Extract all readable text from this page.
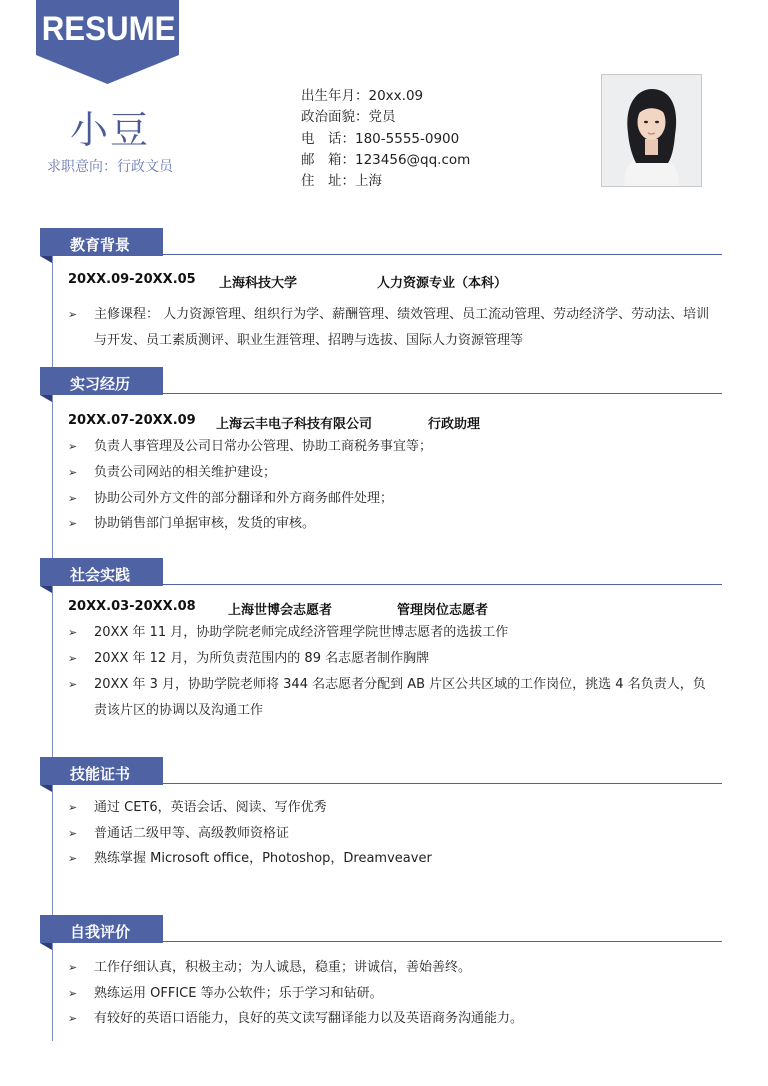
RESUME
小豆
求职意向：行政文员
出生年月：20xx.09
政治面貌：党员
电　话：180-5555-0900
邮　箱：123456@qq.com
住　址：上海
教育背景
20XX.09-20XX.05 上海科技大学	人力资源专业（本科）
➢	主修课程： 人力资源管理、组织行为学、薪酬管理、绩效管理、员工流动管理、劳动经济学、劳动法、培训与开发、员工素质测评、职业生涯管理、招聘与选拔、国际人力资源管理等
实习经历
20XX.07-20XX.09 上海云丰电子科技有限公司	行政助理
➢	负责人事管理及公司日常办公管理、协助工商税务事宜等；
➢	负责公司网站的相关维护建设；
➢	协助公司外方文件的部分翻译和外方商务邮件处理；
➢	协助销售部门单据审核，发货的审核。
社会实践
20XX.03-20XX.08 上海世博会志愿者	管理岗位志愿者
➢	20XX 年 11 月，协助学院老师完成经济管理学院世博志愿者的选拔工作
➢	20XX 年 12 月，为所负责范围内的 89 名志愿者制作胸牌
➢	20XX 年 3 月，协助学院老师将 344 名志愿者分配到 AB 片区公共区域的工作岗位，挑选 4 名负责人，负责该片区的协调以及沟通工作
技能证书
➢	通过 CET6，英语会话、阅读、写作优秀
➢	普通话二级甲等、高级教师资格证
➢	熟练掌握 Microsoft office，Photoshop，Dreamveaver
自我评价
➢	工作仔细认真，积极主动；为人诚恳，稳重；讲诚信，善始善终。
➢	熟练运用 OFFICE 等办公软件；乐于学习和钻研。
➢	有较好的英语口语能力，良好的英文读写翻译能力以及英语商务沟通能力。
